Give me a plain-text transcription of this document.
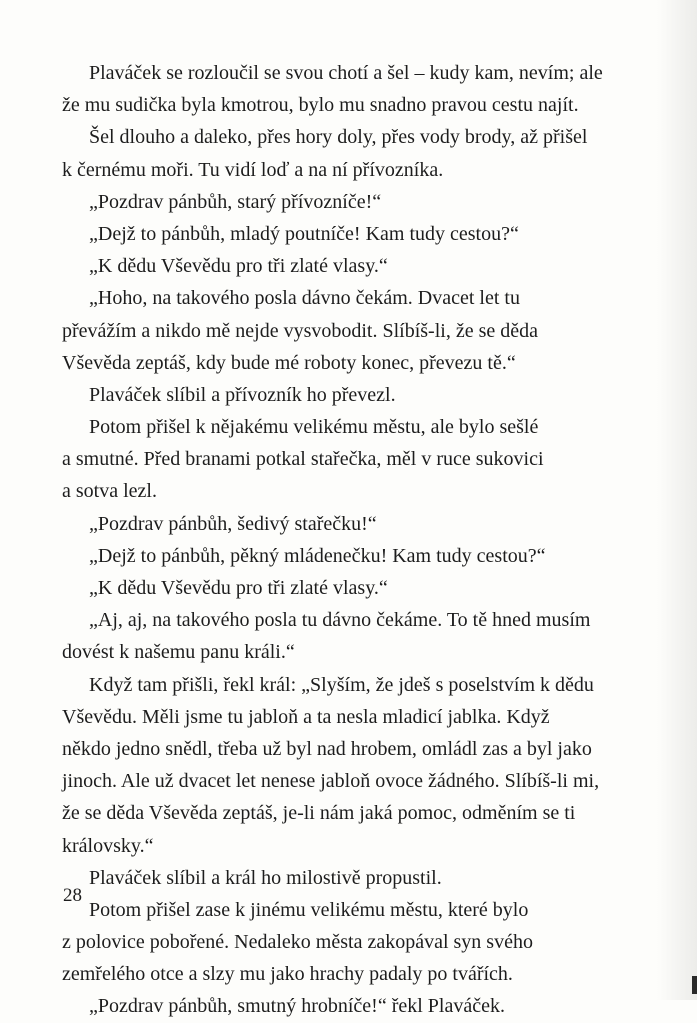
Plaváček se rozloučil se svou chotí a šel – kudy kam, nevím; ale
že mu sudička byla kmotrou, bylo mu snadno pravou cestu najít.
Šel dlouho a daleko, přes hory doly, přes vody brody, až přišel
k černému moři. Tu vidí loď a na ní přívozníka.
„Pozdrav pánbůh, starý přívozníče!“
„Dejž to pánbůh, mladý poutníče! Kam tudy cestou?“
„K dědu Vševědu pro tři zlaté vlasy.“
„Hoho, na takového posla dávno čekám. Dvacet let tu
převážím a nikdo mě nejde vysvobodit. Slíbíš-li, že se děda
Vševěda zeptáš, kdy bude mé roboty konec, převezu tě.“
Plaváček slíbil a přívozník ho převezl.
Potom přišel k nějakému velikému městu, ale bylo sešlé
a smutné. Před branami potkal stařečka, měl v ruce sukovici
a sotva lezl.
„Pozdrav pánbůh, šedivý stařečku!“
„Dejž to pánbůh, pěkný mládenečku! Kam tudy cestou?“
„K dědu Vševědu pro tři zlaté vlasy.“
„Aj, aj, na takového posla tu dávno čekáme. To tě hned musím
dovést k našemu panu králi.“
Když tam přišli, řekl král: „Slyším, že jdeš s poselstvím k dědu
Vševědu. Měli jsme tu jabloň a ta nesla mladicí jablka. Když
někdo jedno snědl, třeba už byl nad hrobem, omládl zas a byl jako
jinoch. Ale už dvacet let nenese jabloň ovoce žádného. Slíbíš-li mi,
že se děda Vševěda zeptáš, je-li nám jaká pomoc, odměním se ti
královsky.“
Plaváček slíbil a král ho milostivě propustil.
Potom přišel zase k jinému velikému městu, které bylo
z polovice pobořené. Nedaleko města zakopával syn svého
zemřelého otce a slzy mu jako hrachy padaly po tvářích.
„Pozdrav pánbůh, smutný hrobníče!“ řekl Plaváček.
28
